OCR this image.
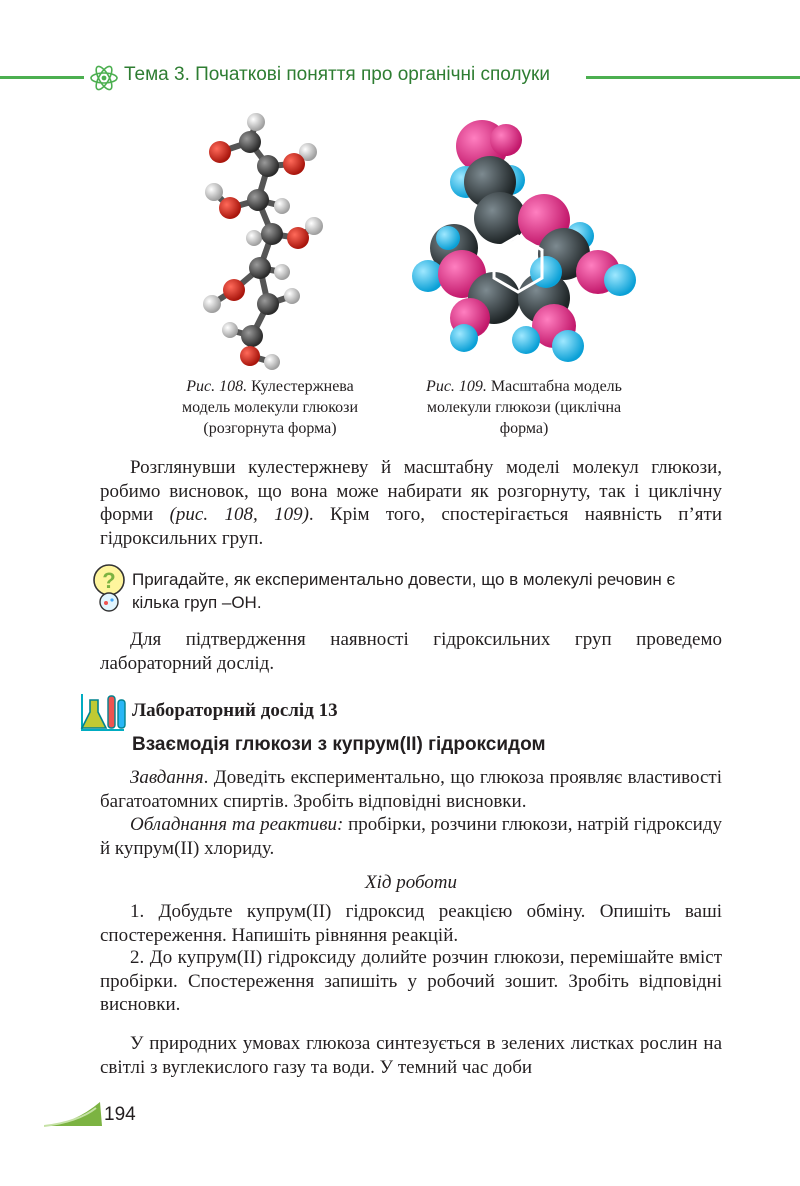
Тема 3. Початкові поняття про органічні сполуки
Рис. 108. Кулестержнева
модель молекули глюкози
(розгорнута форма)
Рис. 109. Масштабна модель
молекули глюкози (циклічна
форма)
Розглянувши кулестержневу й масштабну моделі молекул глюкози, робимо висновок, що вона може набирати як розгорнуту, так і циклічну форми (рис. 108, 109). Крім того, спостерігається наявність п’яти гідроксильних груп.
? Пригадайте, як експериментально довести, що в молекулі речовин є кілька груп –ОН.
Для підтвердження наявності гідроксильних груп проведемо лабораторний дослід.
Лабораторний дослід 13
Взаємодія глюкози з купрум(ІІ) гідроксидом
Завдання. Доведіть експериментально, що глюкоза проявляє властивості багатоатомних спиртів. Зробіть відповідні висновки.
Обладнання та реактиви: пробірки, розчини глюкози, натрій гідроксиду й купрум(ІІ) хлориду.
Хід роботи
1. Добудьте купрум(ІІ) гідроксид реакцією обміну. Опишіть ваші спостереження. Напишіть рівняння реакцій.
2. До купрум(ІІ) гідроксиду долийте розчин глюкози, перемішайте вміст пробірки. Спостереження запишіть у робочий зошит. Зробіть відповідні висновки.
У природних умовах глюкоза синтезується в зелених листках рослин на світлі з вуглекислого газу та води. У темний час доби
194
